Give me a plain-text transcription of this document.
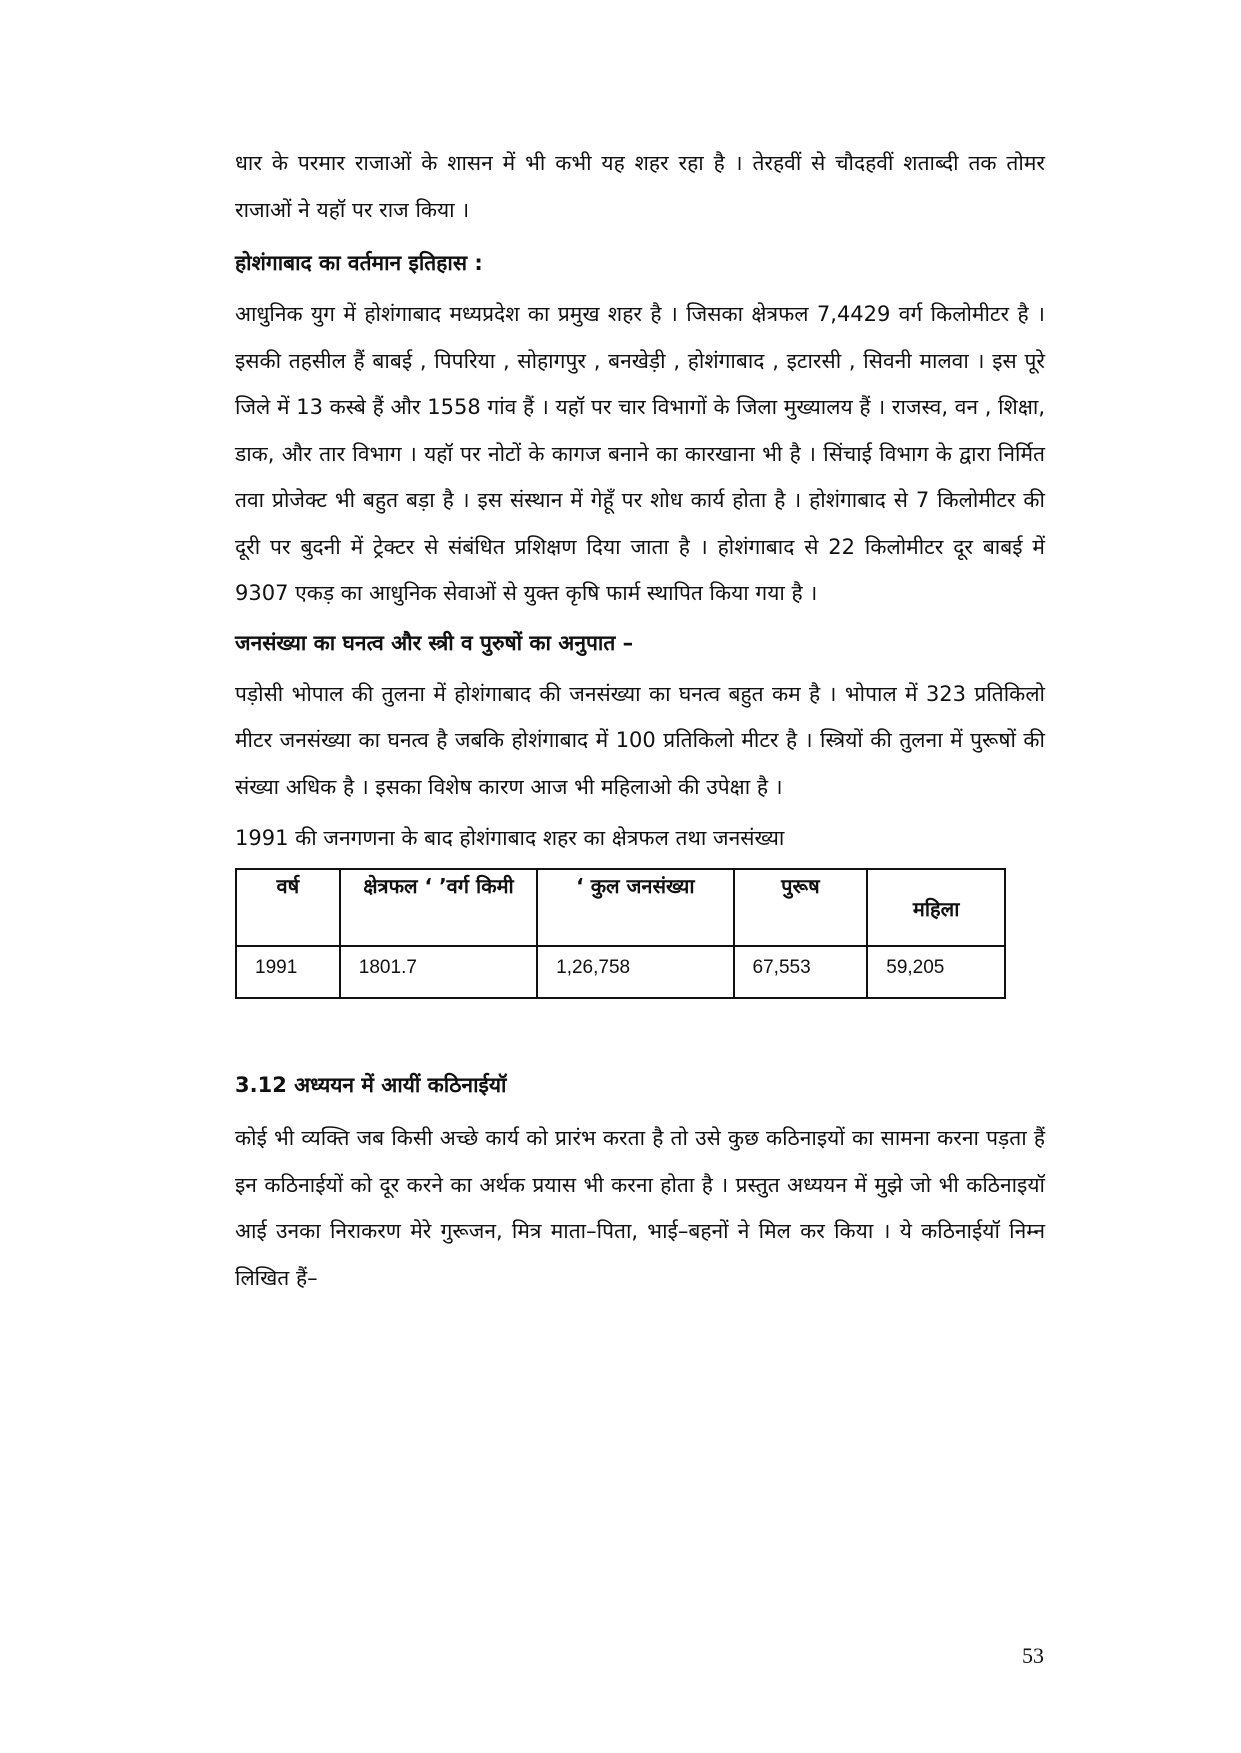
धार के परमार राजाओं के शासन में भी कभी यह शहर रहा है । तेरहवीं से चौदहवीं शताब्दी तक तोमर राजाओं ने यहॉ पर राज किया ।

होशंगाबाद का वर्तमान इतिहास :

आधुनिक युग में होशंगाबाद मध्यप्रदेश का प्रमुख शहर है । जिसका क्षेत्रफल 7,4429 वर्ग किलोमीटर है । इसकी तहसील हैं बाबई , पिपरिया , सोहागपुर , बनखेड़ी , होशंगाबाद , इटारसी , सिवनी मालवा । इस पूरे जिले में 13 कस्बे हैं और 1558 गांव हैं । यहॉ पर चार विभागों के जिला मुख्यालय हैं । राजस्व, वन , शिक्षा, डाक, और तार विभाग । यहॉ पर नोटों के कागज बनाने का कारखाना भी है । सिंचाई विभाग के द्वारा निर्मित तवा प्रोजेक्ट भी बहुत बड़ा है । इस संस्थान में गेहूॅं पर शोध कार्य होता है । होशंगाबाद से 7 किलोमीटर की दूरी पर बुदनी में ट्रेक्टर से संबंधित प्रशिक्षण दिया जाता है । होशंगाबाद से 22 किलोमीटर दूर बाबई में 9307 एकड़ का आधुनिक सेवाओं से युक्त कृषि फार्म स्थापित किया गया है ।

जनसंख्या का घनत्व और स्त्री व पुरुषों का अनुपात –

पड़ोसी भोपाल की तुलना में होशंगाबाद की जनसंख्या का घनत्व बहुत कम है । भोपाल में 323 प्रतिकिलो मीटर जनसंख्या का घनत्व है जबकि होशंगाबाद में 100 प्रतिकिलो मीटर है । स्त्रियों की तुलना में पुरूषों की संख्या अधिक है । इसका विशेष कारण आज भी महिलाओ की उपेक्षा है ।

1991 की जनगणना के बाद होशंगाबाद शहर का क्षेत्रफल तथा जनसंख्या

वर्ष	क्षेत्रफल ‘ ’वर्ग किमी	‘ कुल जनसंख्या	पुरूष	महिला
1991	1801.7	1,26,758	67,553	59,205
3.12 अध्ययन में आयीं कठिनाईयॉ

कोई भी व्यक्ति जब किसी अच्छे कार्य को प्रारंभ करता है तो उसे कुछ कठिनाइयों का सामना करना पड़ता हैं इन कठिनाईयों को दूर करने का अर्थक प्रयास भी करना होता है । प्रस्तुत अध्ययन में मुझे जो भी कठिनाइयॉ आई उनका निराकरण मेरे गुरूजन, मित्र माता–पिता, भाई–बहनों ने मिल कर किया । ये कठिनाईयॉ निम्न लिखित हैं–

53
